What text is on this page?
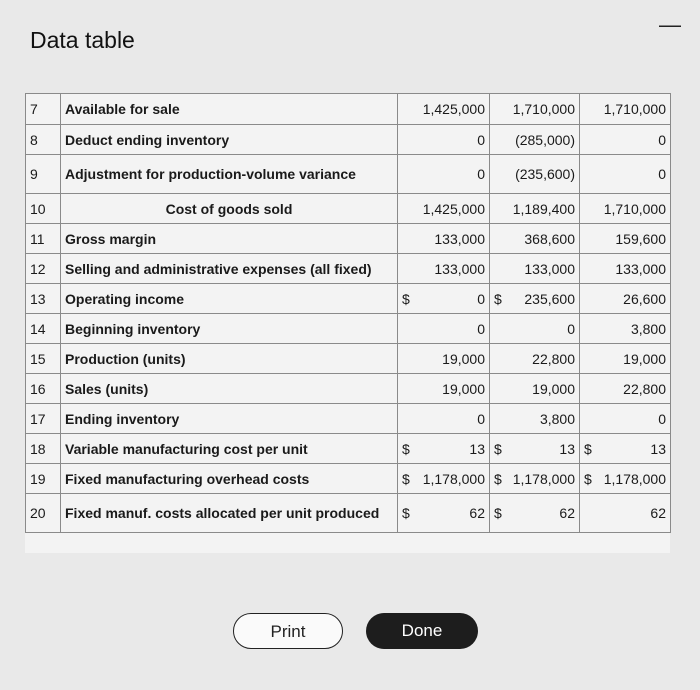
Data table
—
7	Available for sale	1,425,000	1,710,000	1,710,000
8	Deduct ending inventory	0	(285,000)	0
9	Adjustment for production-volume variance	0	(235,600)	0
10	Cost of goods sold	1,425,000	1,189,400	1,710,000
11	Gross margin	133,000	368,600	159,600
12	Selling and administrative expenses (all fixed)	133,000	133,000	133,000
13	Operating income	$ 0	$ 235,600	26,600
14	Beginning inventory	0	0	3,800
15	Production (units)	19,000	22,800	19,000
16	Sales (units)	19,000	19,000	22,800
17	Ending inventory	0	3,800	0
18	Variable manufacturing cost per unit	$ 13	$ 13	$ 13
19	Fixed manufacturing overhead costs	$ 1,178,000	$ 1,178,000	$ 1,178,000
20	Fixed manuf. costs allocated per unit produced	$ 62	$ 62	62
Print	Done
